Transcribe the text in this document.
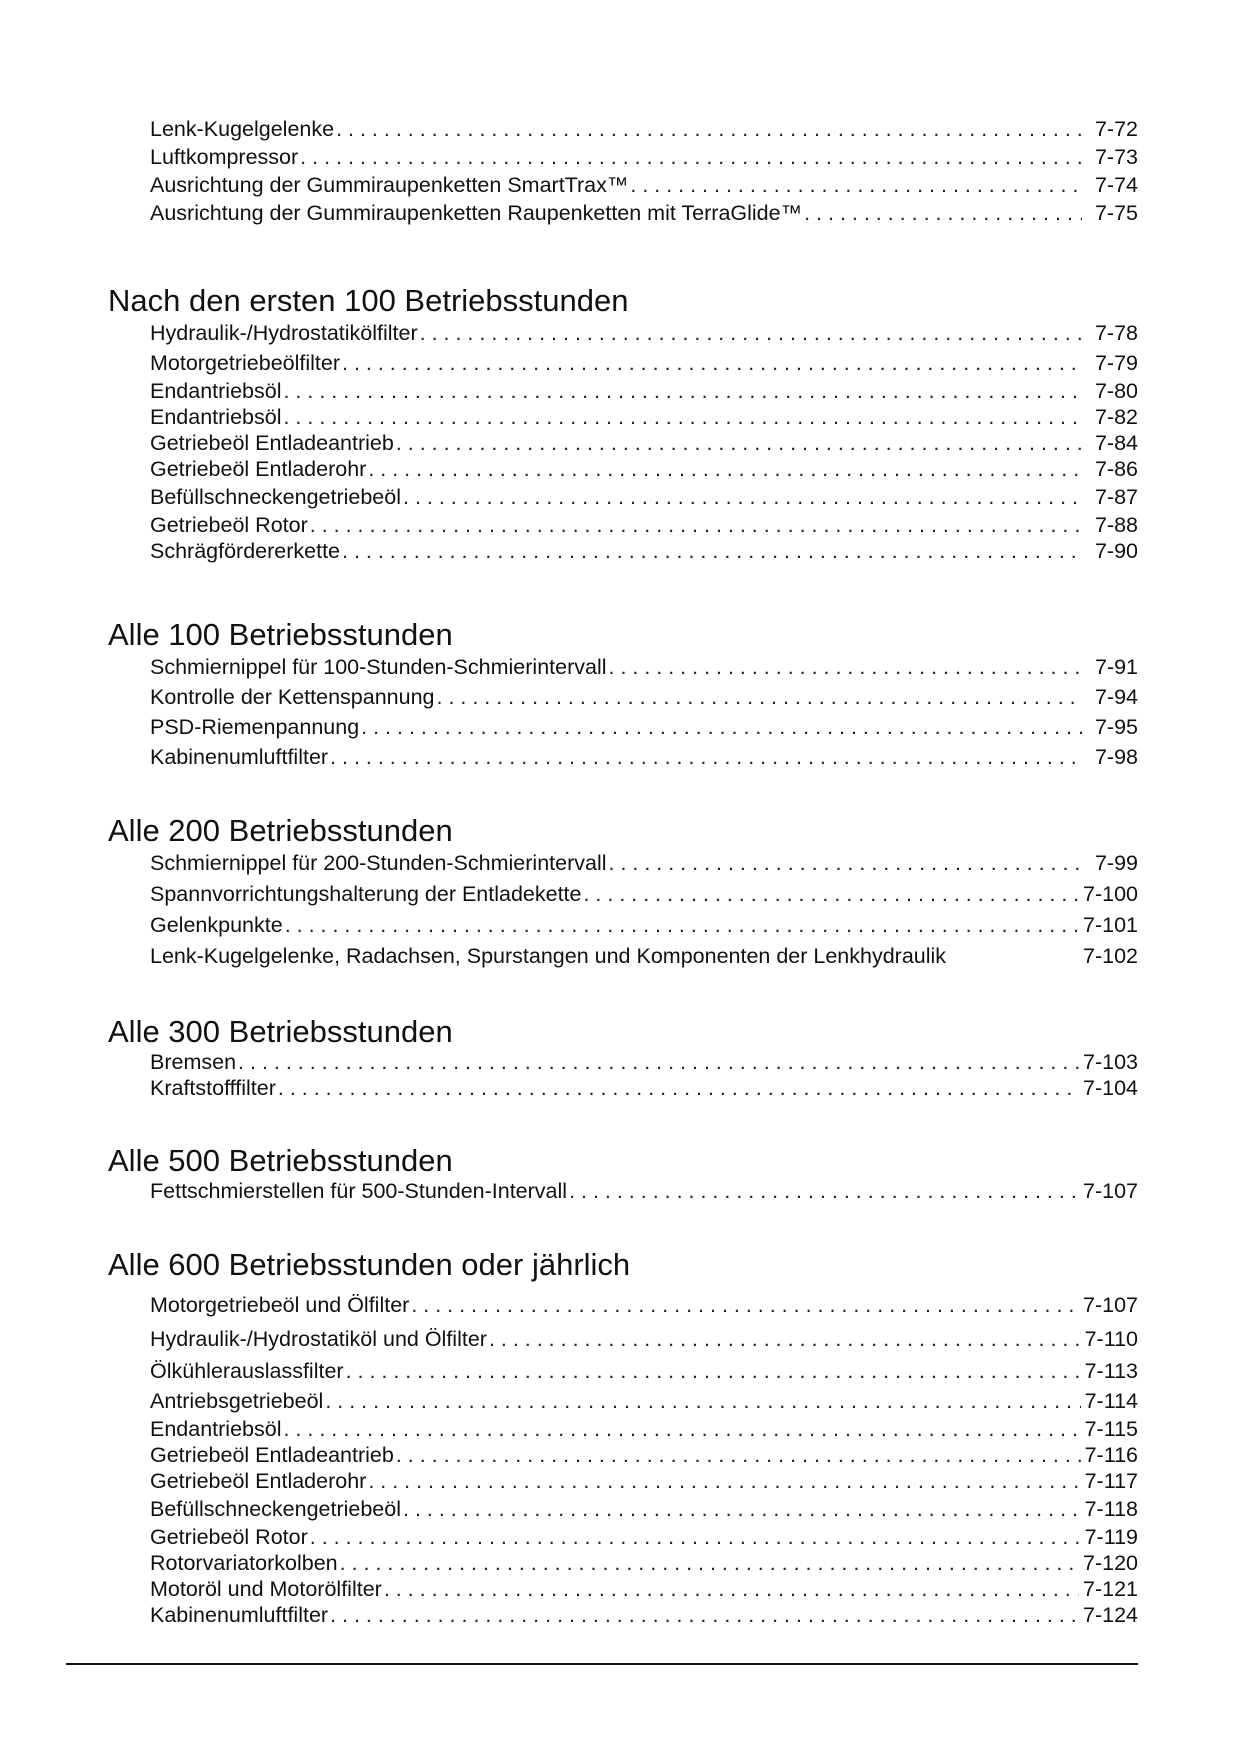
Lenk-Kugelgelenke . . .	7-72
Luftkompressor . . .	7-73
Ausrichtung der Gummiraupenketten SmartTrax™ . . .	7-74
Ausrichtung der Gummiraupenketten Raupenketten mit TerraGlide™ . . .	7-75
Nach den ersten 100 Betriebsstunden
Hydraulik-/Hydrostatikölfilter . . .	7-78
Motorgetriebeölfilter . . .	7-79
Endantriebsöl . . .	7-80
Endantriebsöl . . .	7-82
Getriebeöl Entladeantrieb . . .	7-84
Getriebeöl Entladerohr . . .	7-86
Befüllschneckengetriebeöl . . .	7-87
Getriebeöl Rotor . . .	7-88
Schrägfördererkette . . .	7-90
Alle 100 Betriebsstunden
Schmiernippel für 100-Stunden-Schmierintervall . . .	7-91
Kontrolle der Kettenspannung . . .	7-94
PSD-Riemenpannung . . .	7-95
Kabinenumluftfilter . . .	7-98
Alle 200 Betriebsstunden
Schmiernippel für 200-Stunden-Schmierintervall . . .	7-99
Spannvorrichtungshalterung der Entladekette . . .	7-100
Gelenkpunkte . . .	7-101
Lenk-Kugelgelenke, Radachsen, Spurstangen und Komponenten der Lenkhydraulik	7-102
Alle 300 Betriebsstunden
Bremsen . . .	7-103
Kraftstofffilter . . .	7-104
Alle 500 Betriebsstunden
Fettschmierstellen für 500-Stunden-Intervall . . .	7-107
Alle 600 Betriebsstunden oder jährlich
Motorgetriebeöl und Ölfilter . . .	7-107
Hydraulik-/Hydrostatiköl und Ölfilter . . .	7-110
Ölkühlerauslassfilter . . .	7-113
Antriebsgetriebeöl . . .	7-114
Endantriebsöl . . .	7-115
Getriebeöl Entladeantrieb . . .	7-116
Getriebeöl Entladerohr . . .	7-117
Befüllschneckengetriebeöl . . .	7-118
Getriebeöl Rotor . . .	7-119
Rotorvariatorkolben . . .	7-120
Motoröl und Motorölfilter . . .	7-121
Kabinenumluftfilter . . .	7-124
